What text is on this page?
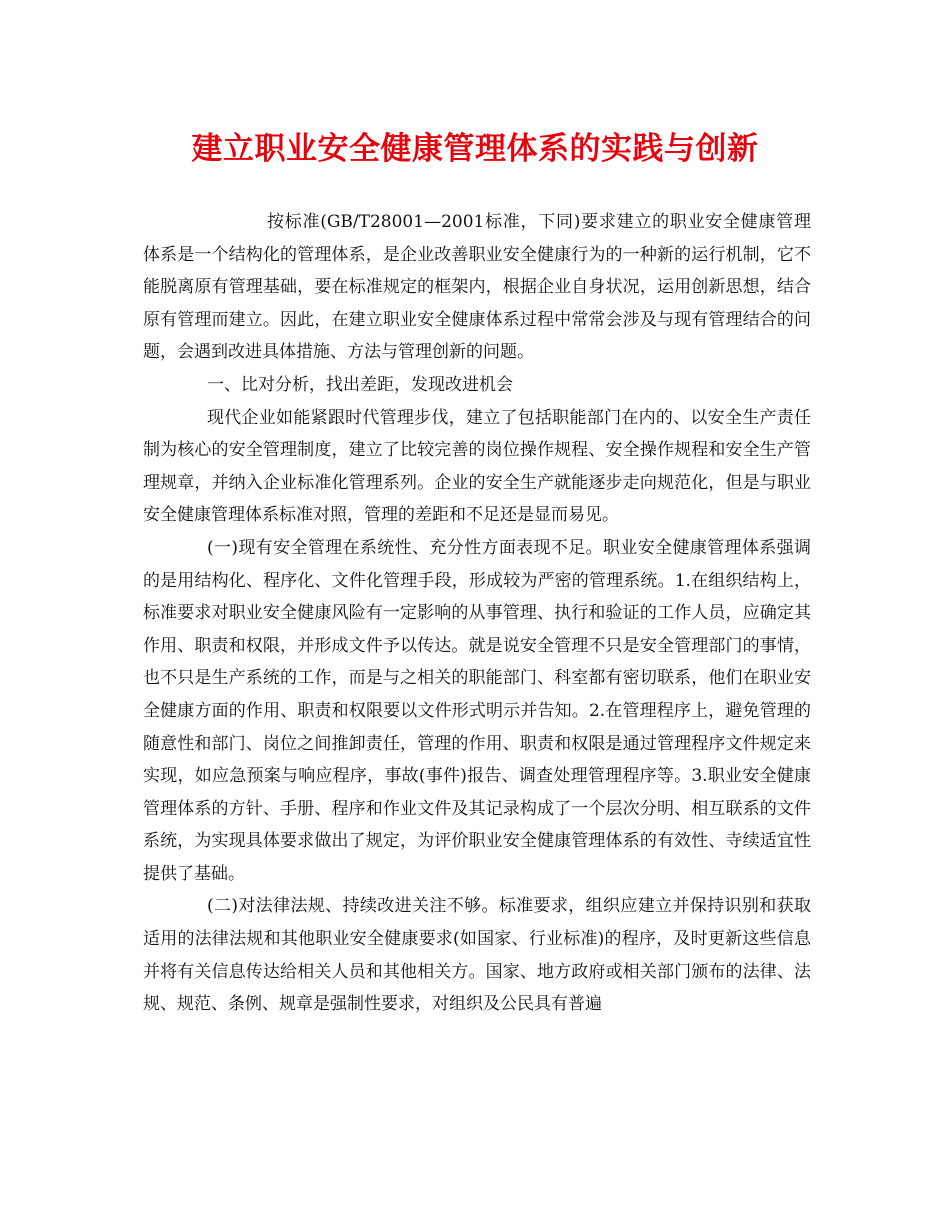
建立职业安全健康管理体系的实践与创新

按标准(GB/T28001—2001标准，下同)要求建立的职业安全健康管理体系是一个结构化的管理体系，是企业改善职业安全健康行为的一种新的运行机制，它不能脱离原有管理基础，要在标准规定的框架内，根据企业自身状况，运用创新思想，结合原有管理而建立。因此，在建立职业安全健康体系过程中常常会涉及与现有管理结合的问题，会遇到改进具体措施、方法与管理创新的问题。

一、比对分析，找出差距，发现改进机会

现代企业如能紧跟时代管理步伐，建立了包括职能部门在内的、以安全生产责任制为核心的安全管理制度，建立了比较完善的岗位操作规程、安全操作规程和安全生产管理规章，并纳入企业标准化管理系列。企业的安全生产就能逐步走向规范化，但是与职业安全健康管理体系标准对照，管理的差距和不足还是显而易见。

(一)现有安全管理在系统性、充分性方面表现不足。职业安全健康管理体系强调的是用结构化、程序化、文件化管理手段，形成较为严密的管理系统。1.在组织结构上，标准要求对职业安全健康风险有一定影响的从事管理、执行和验证的工作人员，应确定其作用、职责和权限，并形成文件予以传达。就是说安全管理不只是安全管理部门的事情，也不只是生产系统的工作，而是与之相关的职能部门、科室都有密切联系，他们在职业安全健康方面的作用、职责和权限要以文件形式明示并告知。2.在管理程序上，避免管理的随意性和部门、岗位之间推卸责任，管理的作用、职责和权限是通过管理程序文件规定来实现，如应急预案与响应程序，事故(事件)报告、调查处理管理程序等。3.职业安全健康管理体系的方针、手册、程序和作业文件及其记录构成了一个层次分明、相互联系的文件系统，为实现具体要求做出了规定，为评价职业安全健康管理体系的有效性、寺续适宜性提供了基础。

(二)对法律法规、持续改进关注不够。标准要求，组织应建立并保持识别和获取适用的法律法规和其他职业安全健康要求(如国家、行业标准)的程序，及时更新这些信息并将有关信息传达给相关人员和其他相关方。国家、地方政府或相关部门颁布的法律、法规、规范、条例、规章是强制性要求，对组织及公民具有普遍
